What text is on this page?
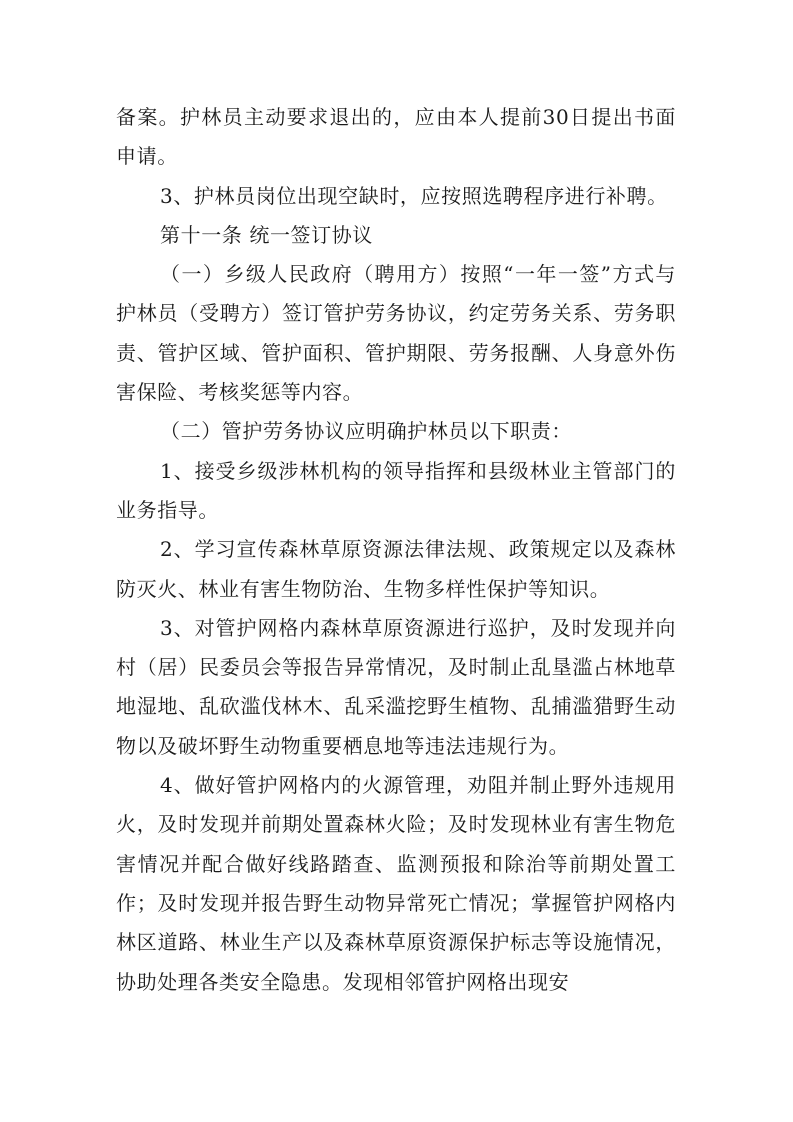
备案。护林员主动要求退出的，应由本人提前30日提出书面申请。

3、护林员岗位出现空缺时，应按照选聘程序进行补聘。

第十一条 统一签订协议

（一）乡级人民政府（聘用方）按照“一年一签”方式与护林员（受聘方）签订管护劳务协议，约定劳务关系、劳务职责、管护区域、管护面积、管护期限、劳务报酬、人身意外伤害保险、考核奖惩等内容。

（二）管护劳务协议应明确护林员以下职责：

1、接受乡级涉林机构的领导指挥和县级林业主管部门的业务指导。

2、学习宣传森林草原资源法律法规、政策规定以及森林防灭火、林业有害生物防治、生物多样性保护等知识。

3、对管护网格内森林草原资源进行巡护，及时发现并向村（居）民委员会等报告异常情况，及时制止乱垦滥占林地草地湿地、乱砍滥伐林木、乱采滥挖野生植物、乱捕滥猎野生动物以及破坏野生动物重要栖息地等违法违规行为。

4、做好管护网格内的火源管理，劝阻并制止野外违规用火，及时发现并前期处置森林火险；及时发现林业有害生物危害情况并配合做好线路踏查、监测预报和除治等前期处置工作；及时发现并报告野生动物异常死亡情况；掌握管护网格内林区道路、林业生产以及森林草原资源保护标志等设施情况，协助处理各类安全隐患。发现相邻管护网格出现安
